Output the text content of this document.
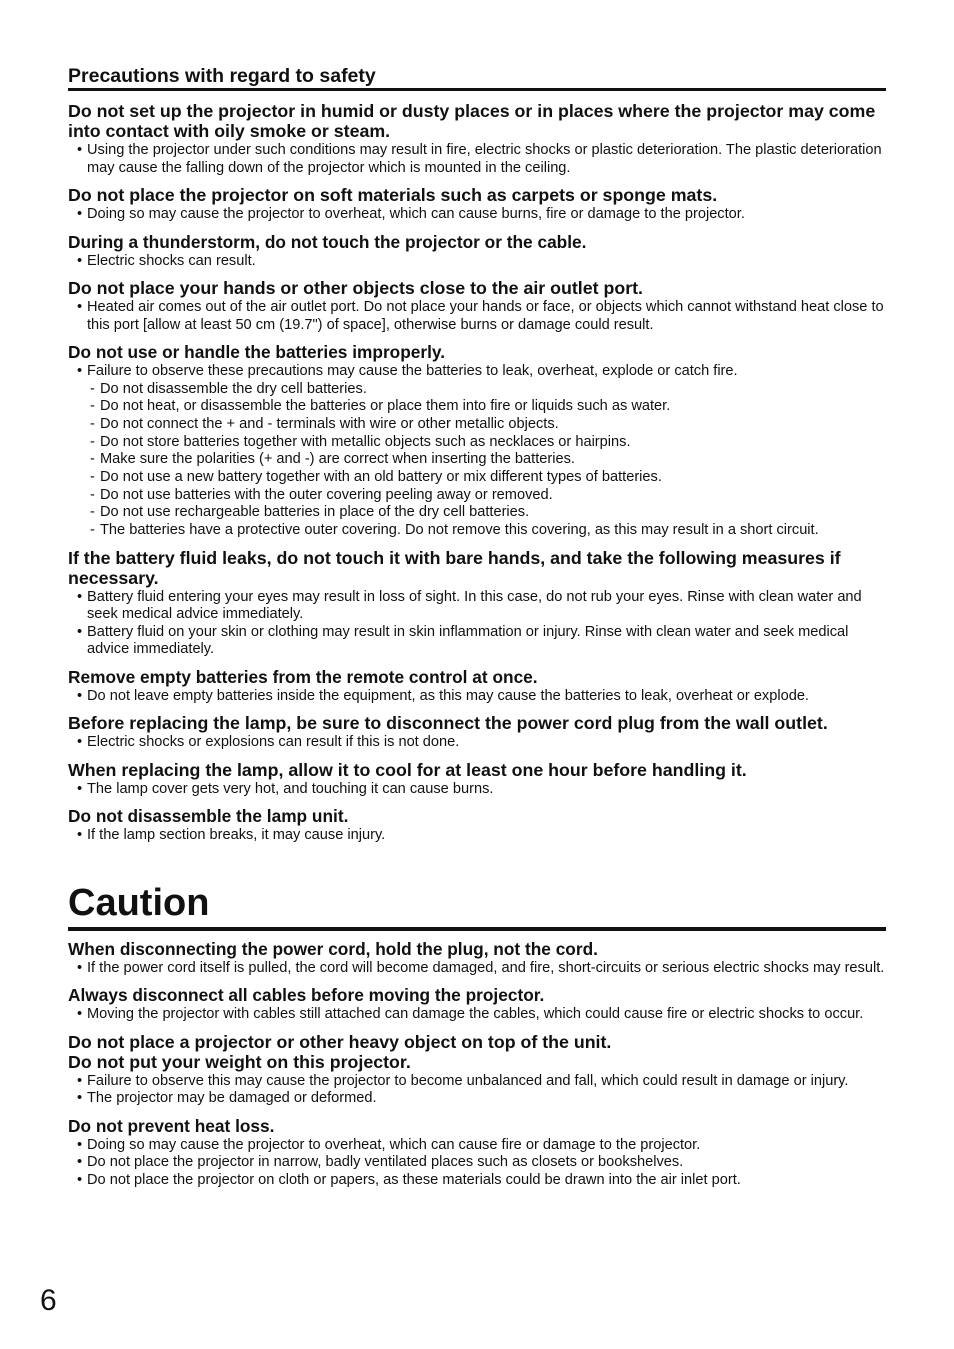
Precautions with regard to safety

Do not set up the projector in humid or dusty places or in places where the projector may come into contact with oily smoke or steam.

• Using the projector under such conditions may result in fire, electric shocks or plastic deterioration. The plastic deterioration may cause the falling down of the projector which is mounted in the ceiling.

Do not place the projector on soft materials such as carpets or sponge mats.

• Doing so may cause the projector to overheat, which can cause burns, fire or damage to the projector.

During a thunderstorm, do not touch the projector or the cable.

• Electric shocks can result.

Do not place your hands or other objects close to the air outlet port.

• Heated air comes out of the air outlet port. Do not place your hands or face, or objects which cannot withstand heat close to this port [allow at least 50 cm (19.7") of space], otherwise burns or damage could result.

Do not use or handle the batteries improperly.

• Failure to observe these precautions may cause the batteries to leak, overheat, explode or catch fire.
- Do not disassemble the dry cell batteries.
- Do not heat, or disassemble the batteries or place them into fire or liquids such as water.
- Do not connect the + and - terminals with wire or other metallic objects.
- Do not store batteries together with metallic objects such as necklaces or hairpins.
- Make sure the polarities (+ and -) are correct when inserting the batteries.
- Do not use a new battery together with an old battery or mix different types of batteries.
- Do not use batteries with the outer covering peeling away or removed.
- Do not use rechargeable batteries in place of the dry cell batteries.
- The batteries have a protective outer covering. Do not remove this covering, as this may result in a short circuit.

If the battery fluid leaks, do not touch it with bare hands, and take the following measures if necessary.

• Battery fluid entering your eyes may result in loss of sight. In this case, do not rub your eyes. Rinse with clean water and seek medical advice immediately.
• Battery fluid on your skin or clothing may result in skin inflammation or injury. Rinse with clean water and seek medical advice immediately.

Remove empty batteries from the remote control at once.

• Do not leave empty batteries inside the equipment, as this may cause the batteries to leak, overheat or explode.

Before replacing the lamp, be sure to disconnect the power cord plug from the wall outlet.

• Electric shocks or explosions can result if this is not done.

When replacing the lamp, allow it to cool for at least one hour before handling it.

• The lamp cover gets very hot, and touching it can cause burns.

Do not disassemble the lamp unit.

• If the lamp section breaks, it may cause injury.
Caution

When disconnecting the power cord, hold the plug, not the cord.

• If the power cord itself is pulled, the cord will become damaged, and fire, short-circuits or serious electric shocks may result.

Always disconnect all cables before moving the projector.

• Moving the projector with cables still attached can damage the cables, which could cause fire or electric shocks to occur.

Do not place a projector or other heavy object on top of the unit.

Do not put your weight on this projector.

• Failure to observe this may cause the projector to become unbalanced and fall, which could result in damage or injury.
• The projector may be damaged or deformed.

Do not prevent heat loss.

• Doing so may cause the projector to overheat, which can cause fire or damage to the projector.
• Do not place the projector in narrow, badly ventilated places such as closets or bookshelves.
• Do not place the projector on cloth or papers, as these materials could be drawn into the air inlet port.
6
